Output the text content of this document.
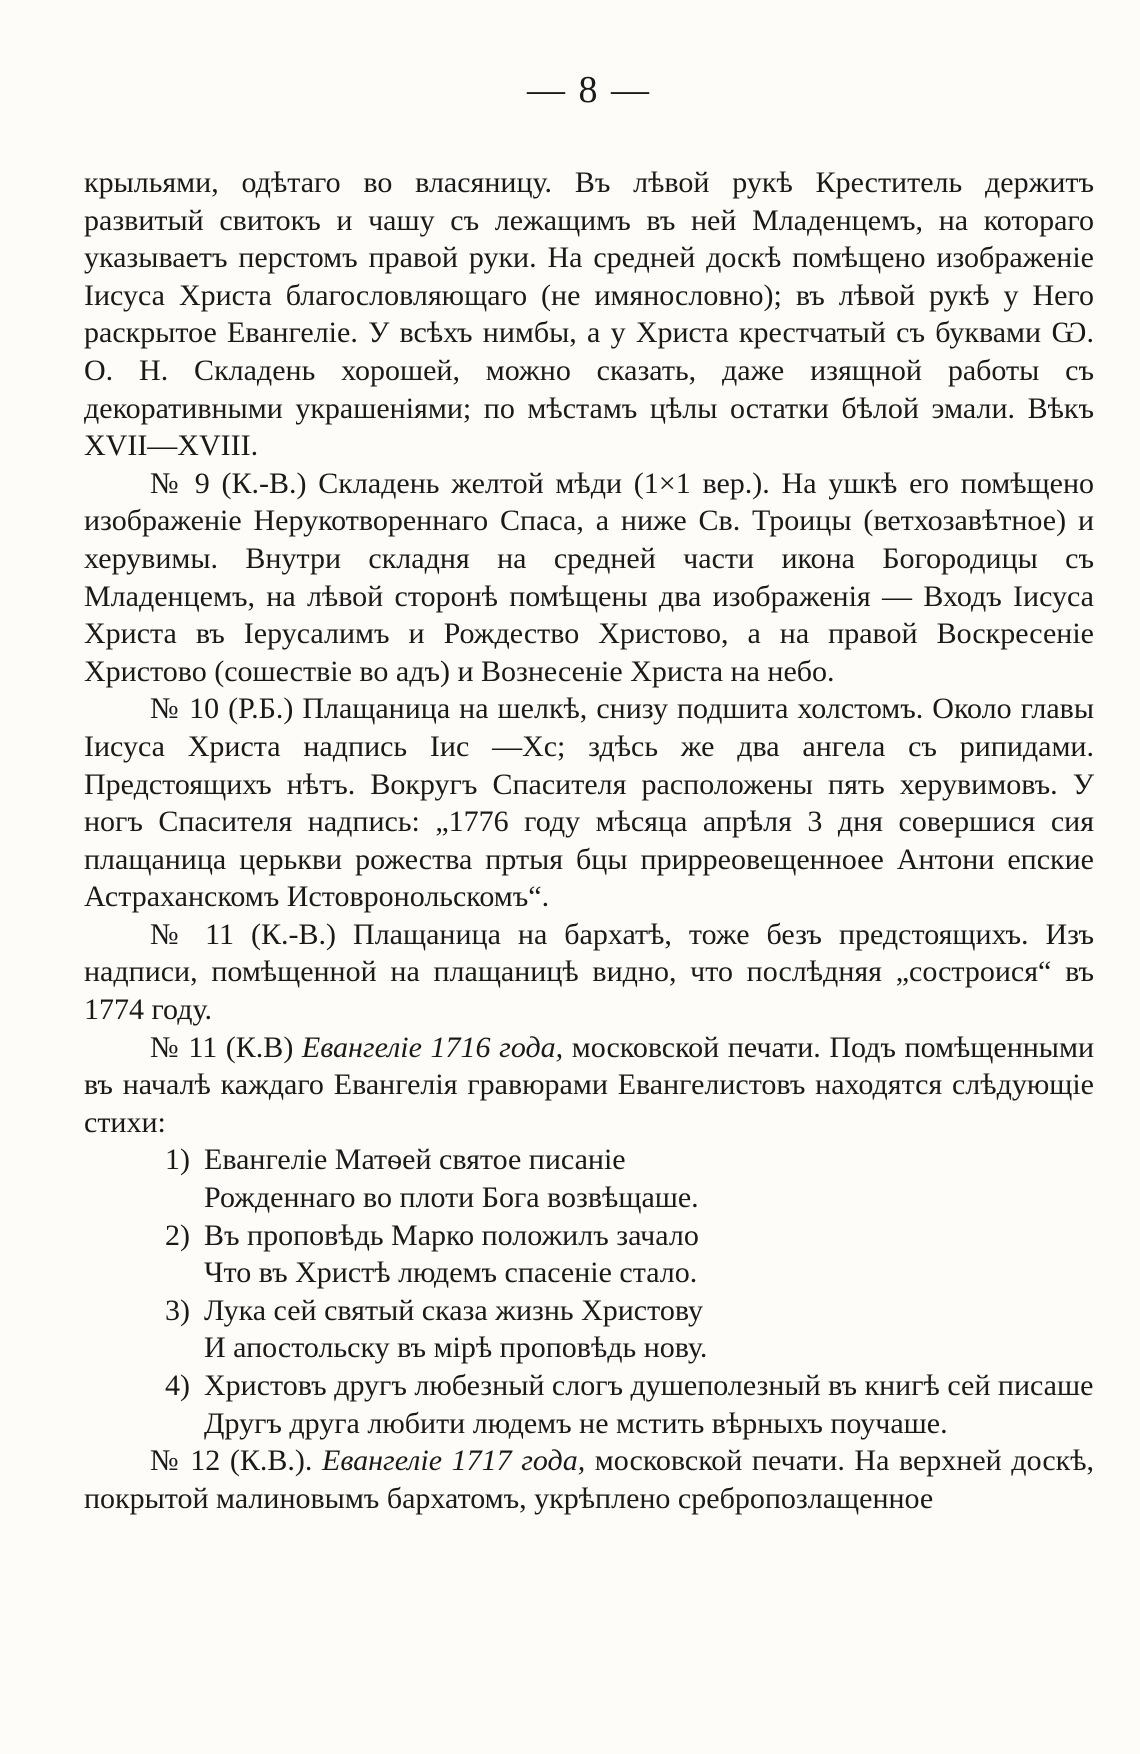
— 8 —

крыльями, одѣтаго во власяницу. Въ лѣвой рукѣ Креститель держитъ развитый свитокъ и чашу съ лежащимъ въ ней Младенцемъ, на котораго указываетъ перстомъ правой руки. На средней доскѣ помѣщено изображеніе Іисуса Христа благословляющаго (не имянословно); въ лѣвой рукѣ у Него раскрытое Евангеліе. У всѣхъ нимбы, а у Христа крестчатый съ буквами Ѡ. О. Н. Складень хорошей, можно сказать, даже изящной работы съ декоративными украшеніями; по мѣстамъ цѣлы остатки бѣлой эмали. Вѣкъ XVII—XVIII.

№ 9 (К.-В.) Складень желтой мѣди (1×1 вер.). На ушкѣ его помѣщено изображеніе Нерукотвореннаго Спаса, а ниже Св. Троицы (ветхозавѣтное) и херувимы. Внутри складня на средней части икона Богородицы съ Младенцемъ, на лѣвой сторонѣ помѣщены два изображенія — Входъ Іисуса Христа въ Іерусалимъ и Рождество Христово, а на правой Воскресеніе Христово (сошествіе во адъ) и Вознесеніе Христа на небо.

№ 10 (Р.Б.) Плащаница на шелкѣ, снизу подшита холстомъ. Около главы Іисуса Христа надпись Іис —Хс; здѣсь же два ангела съ рипидами. Предстоящихъ нѣтъ. Вокругъ Спасителя расположены пять херувимовъ. У ногъ Спасителя надпись: „1776 году мѣсяца апрѣля 3 дня совершися сия плащаница церькви рожества пртыя бцы приpреовещенноее Антони епские Астраханскомъ Истовронольскомъ“.

№ 11 (К.-В.) Плащаница на бархатѣ, тоже безъ предстоящихъ. Изъ надписи, помѣщенной на плащаницѣ видно, что послѣдняя „состроися“ въ 1774 году.

№ 11 (К.В) Евангеліе 1716 года, московской печати. Подъ помѣщенными въ началѣ каждаго Евангелія гравюрами Евангелистовъ находятся слѣдующіе стихи:

1) Евангеліе Матѳей святое писаніе
Рожденнаго во плоти Бога возвѣщаше.
2) Въ проповѣдь Марко положилъ зачало
Что въ Христѣ людемъ спасеніе стало.
3) Лука сей святый сказа жизнь Христову
И апостольску въ мірѣ проповѣдь нову.
4) Христовъ другъ любезный слогъ душеполезный въ книгѣ сей писаше
Другъ друга любити людемъ не мстить вѣрныхъ поучаше.

№ 12 (К.В.). Евангеліе 1717 года, московской печати. На верхней доскѣ, покрытой малиновымъ бархатомъ, укрѣплено сребропозлащенное
